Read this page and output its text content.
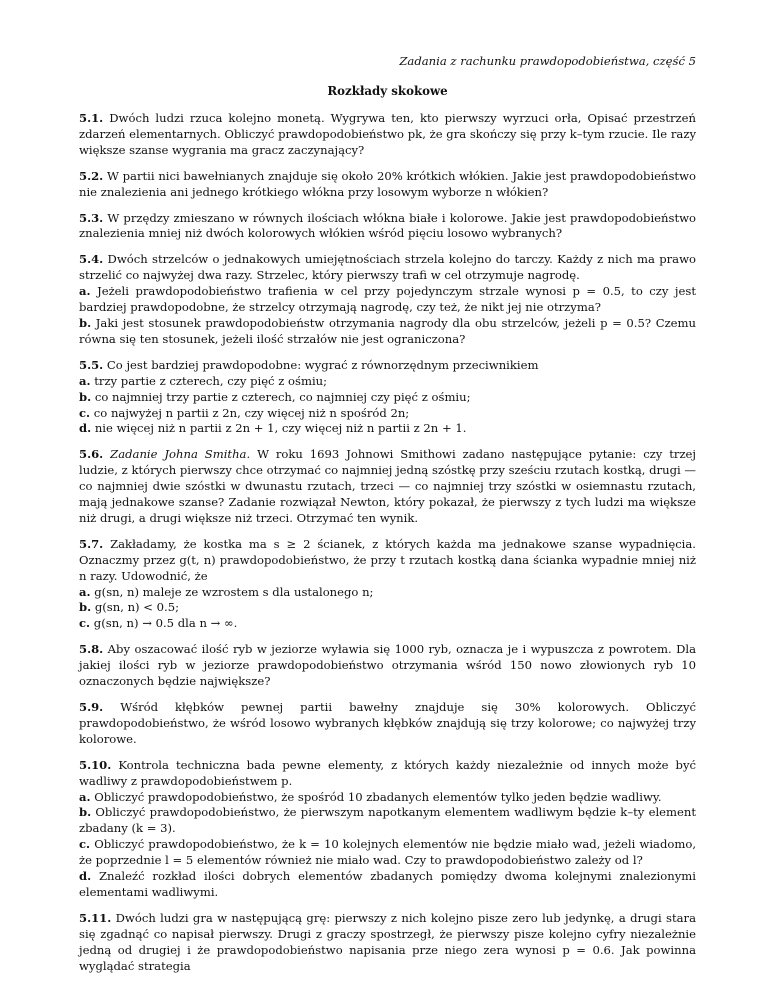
Zadania z rachunku prawdopodobieństwa, część 5
Rozkłady skokowe

5.1. Dwóch ludzi rzuca kolejno monetą. Wygrywa ten, kto pierwszy wyrzuci orła, Opisać przestrzeń zdarzeń elementarnych. Obliczyć prawdopodobieństwo pk, że gra skończy się przy k–tym rzucie. Ile razy większe szanse wygrania ma gracz zaczynający?

5.2. W partii nici bawełnianych znajduje się około 20% krótkich włókien. Jakie jest prawdopodobieństwo nie znalezienia ani jednego krótkiego włókna przy losowym wyborze n włókien?

5.3. W przędzy zmieszano w równych ilościach włókna białe i kolorowe. Jakie jest prawdopodobieństwo znalezienia mniej niż dwóch kolorowych włókien wśród pięciu losowo wybranych?

5.4. Dwóch strzelców o jednakowych umiejętnościach strzela kolejno do tarczy. Każdy z nich ma prawo strzelić co najwyżej dwa razy. Strzelec, który pierwszy trafi w cel otrzymuje nagrodę.
a. Jeżeli prawdopodobieństwo trafienia w cel przy pojedynczym strzale wynosi p = 0.5, to czy jest bardziej prawdopodobne, że strzelcy otrzymają nagrodę, czy też, że nikt jej nie otrzyma?
b. Jaki jest stosunek prawdopodobieństw otrzymania nagrody dla obu strzelców, jeżeli p = 0.5? Czemu równa się ten stosunek, jeżeli ilość strzałów nie jest ograniczona?

5.5. Co jest bardziej prawdopodobne: wygrać z równorzędnym przeciwnikiem
a. trzy partie z czterech, czy pięć z ośmiu;
b. co najmniej trzy partie z czterech, co najmniej czy pięć z ośmiu;
c. co najwyżej n partii z 2n, czy więcej niż n spośród 2n;
d. nie więcej niż n partii z 2n + 1, czy więcej niż n partii z 2n + 1.

5.6. Zadanie Johna Smitha. W roku 1693 Johnowi Smithowi zadano następujące pytanie: czy trzej ludzie, z których pierwszy chce otrzymać co najmniej jedną szóstkę przy sześciu rzutach kostką, drugi — co najmniej dwie szóstki w dwunastu rzutach, trzeci — co najmniej trzy szóstki w osiemnastu rzutach, mają jednakowe szanse? Zadanie rozwiązał Newton, który pokazał, że pierwszy z tych ludzi ma większe niż drugi, a drugi większe niż trzeci. Otrzymać ten wynik.

5.7. Zakładamy, że kostka ma s ≥ 2 ścianek, z których każda ma jednakowe szanse wypadnięcia. Oznaczmy przez g(t, n) prawdopodobieństwo, że przy t rzutach kostką dana ścianka wypadnie mniej niż n razy. Udowodnić, że
a. g(sn, n) maleje ze wzrostem s dla ustalonego n;
b. g(sn, n) < 0.5;
c. g(sn, n) → 0.5 dla n → ∞.

5.8. Aby oszacować ilość ryb w jeziorze wyławia się 1000 ryb, oznacza je i wypuszcza z powrotem. Dla jakiej ilości ryb w jeziorze prawdopodobieństwo otrzymania wśród 150 nowo złowionych ryb 10 oznaczonych będzie największe?

5.9. Wśród kłębków pewnej partii bawełny znajduje się 30% kolorowych. Obliczyć prawdopodobieństwo, że wśród losowo wybranych kłębków znajdują się trzy kolorowe; co najwyżej trzy kolorowe.

5.10. Kontrola techniczna bada pewne elementy, z których każdy niezależnie od innych może być wadliwy z prawdopodobieństwem p.
a. Obliczyć prawdopodobieństwo, że spośród 10 zbadanych elementów tylko jeden będzie wadliwy.
b. Obliczyć prawdopodobieństwo, że pierwszym napotkanym elementem wadliwym będzie k–ty element zbadany (k = 3).
c. Obliczyć prawdopodobieństwo, że k = 10 kolejnych elementów nie będzie miało wad, jeżeli wiadomo, że poprzednie l = 5 elementów również nie miało wad. Czy to prawdopodobieństwo zależy od l?
d. Znaleźć rozkład ilości dobrych elementów zbadanych pomiędzy dwoma kolejnymi znalezionymi elementami wadliwymi.

5.11. Dwóch ludzi gra w następującą grę: pierwszy z nich kolejno pisze zero lub jedynkę, a drugi stara się zgadnąć co napisał pierwszy. Drugi z graczy spostrzegł, że pierwszy pisze kolejno cyfry niezależnie jedną od drugiej i że prawdopodobieństwo napisania prze niego zera wynosi p = 0.6. Jak powinna wyglądać strategia
